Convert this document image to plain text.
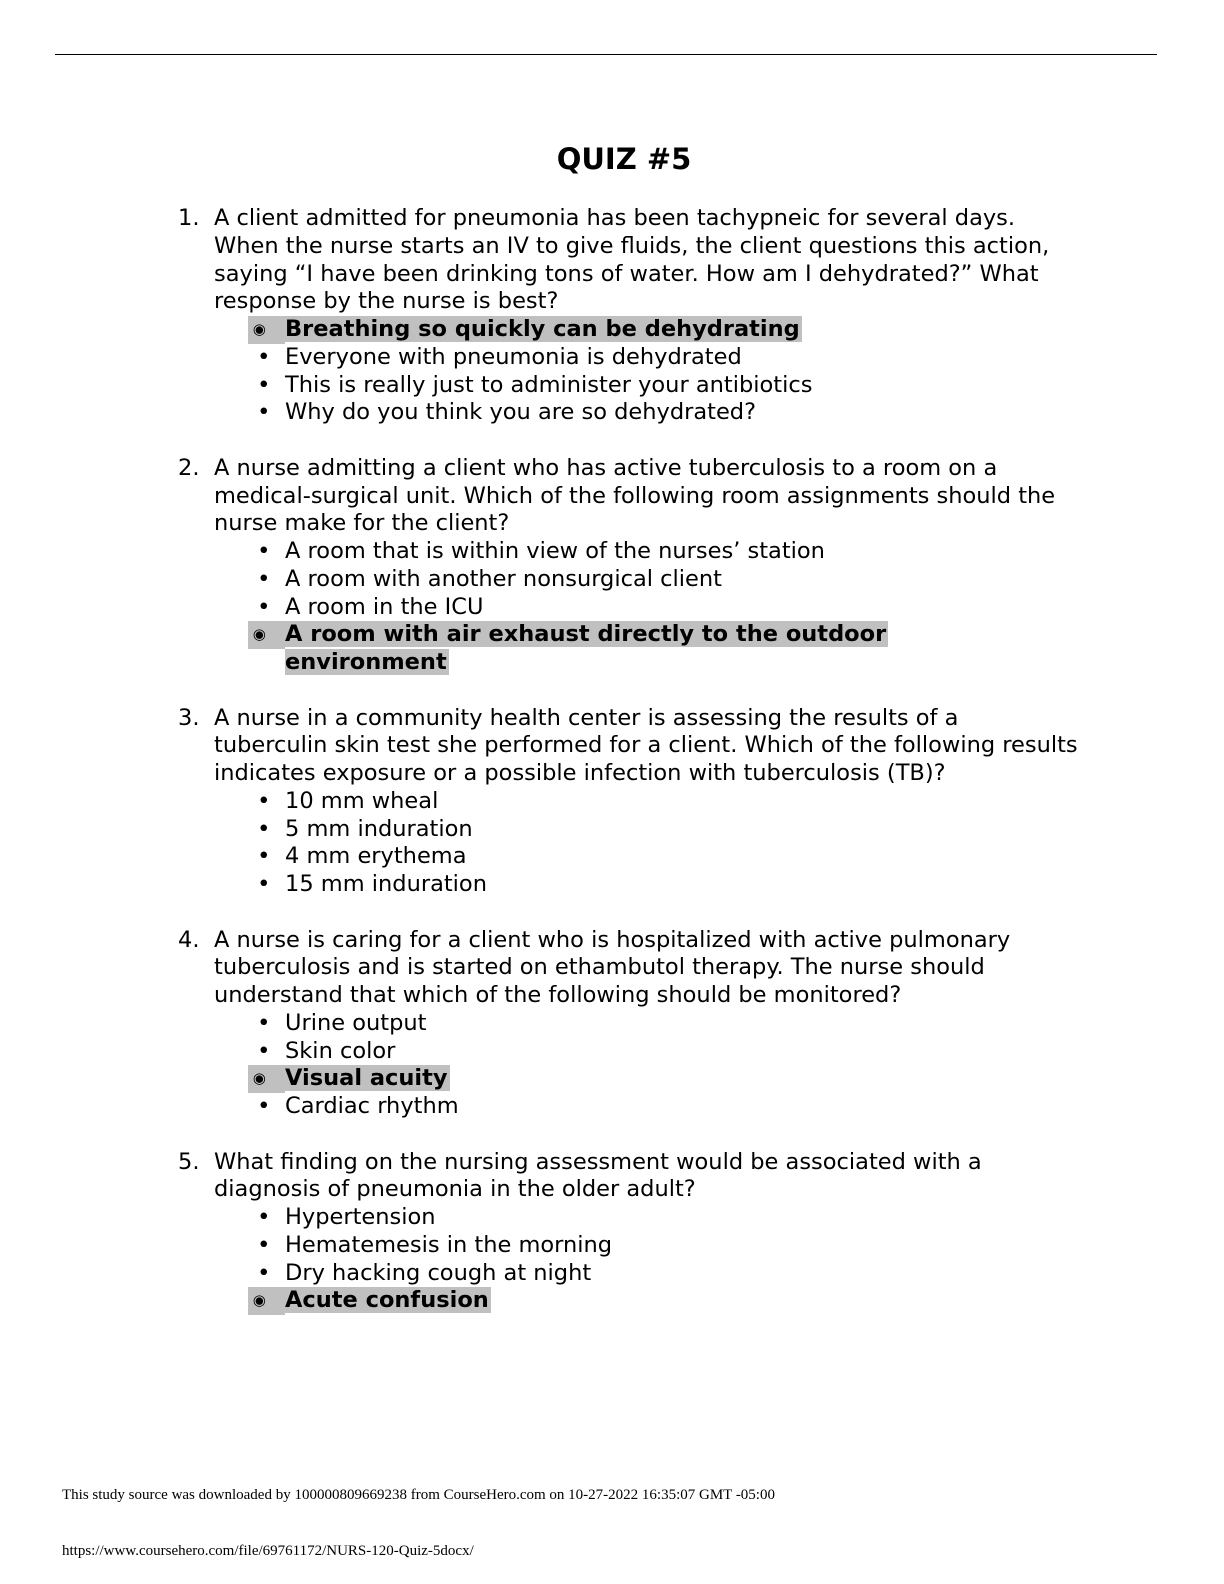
QUIZ #5
1. A client admitted for pneumonia has been tachypneic for several days. When the nurse starts an IV to give fluids, the client questions this action, saying “I have been drinking tons of water. How am I dehydrated?” What response by the nurse is best?
◉ Breathing so quickly can be dehydrating
• Everyone with pneumonia is dehydrated
• This is really just to administer your antibiotics
• Why do you think you are so dehydrated?
2. A nurse admitting a client who has active tuberculosis to a room on a medical-surgical unit. Which of the following room assignments should the nurse make for the client?
• A room that is within view of the nurses’ station
• A room with another nonsurgical client
• A room in the ICU
◉ A room with air exhaust directly to the outdoor environment
3. A nurse in a community health center is assessing the results of a tuberculin skin test she performed for a client. Which of the following results indicates exposure or a possible infection with tuberculosis (TB)?
• 10 mm wheal
• 5 mm induration
• 4 mm erythema
• 15 mm induration
4. A nurse is caring for a client who is hospitalized with active pulmonary tuberculosis and is started on ethambutol therapy. The nurse should understand that which of the following should be monitored?
• Urine output
• Skin color
◉ Visual acuity
• Cardiac rhythm
5. What finding on the nursing assessment would be associated with a diagnosis of pneumonia in the older adult?
• Hypertension
• Hematemesis in the morning
• Dry hacking cough at night
◉ Acute confusion
This study source was downloaded by 100000809669238 from CourseHero.com on 10-27-2022 16:35:07 GMT -05:00
https://www.coursehero.com/file/69761172/NURS-120-Quiz-5docx/
